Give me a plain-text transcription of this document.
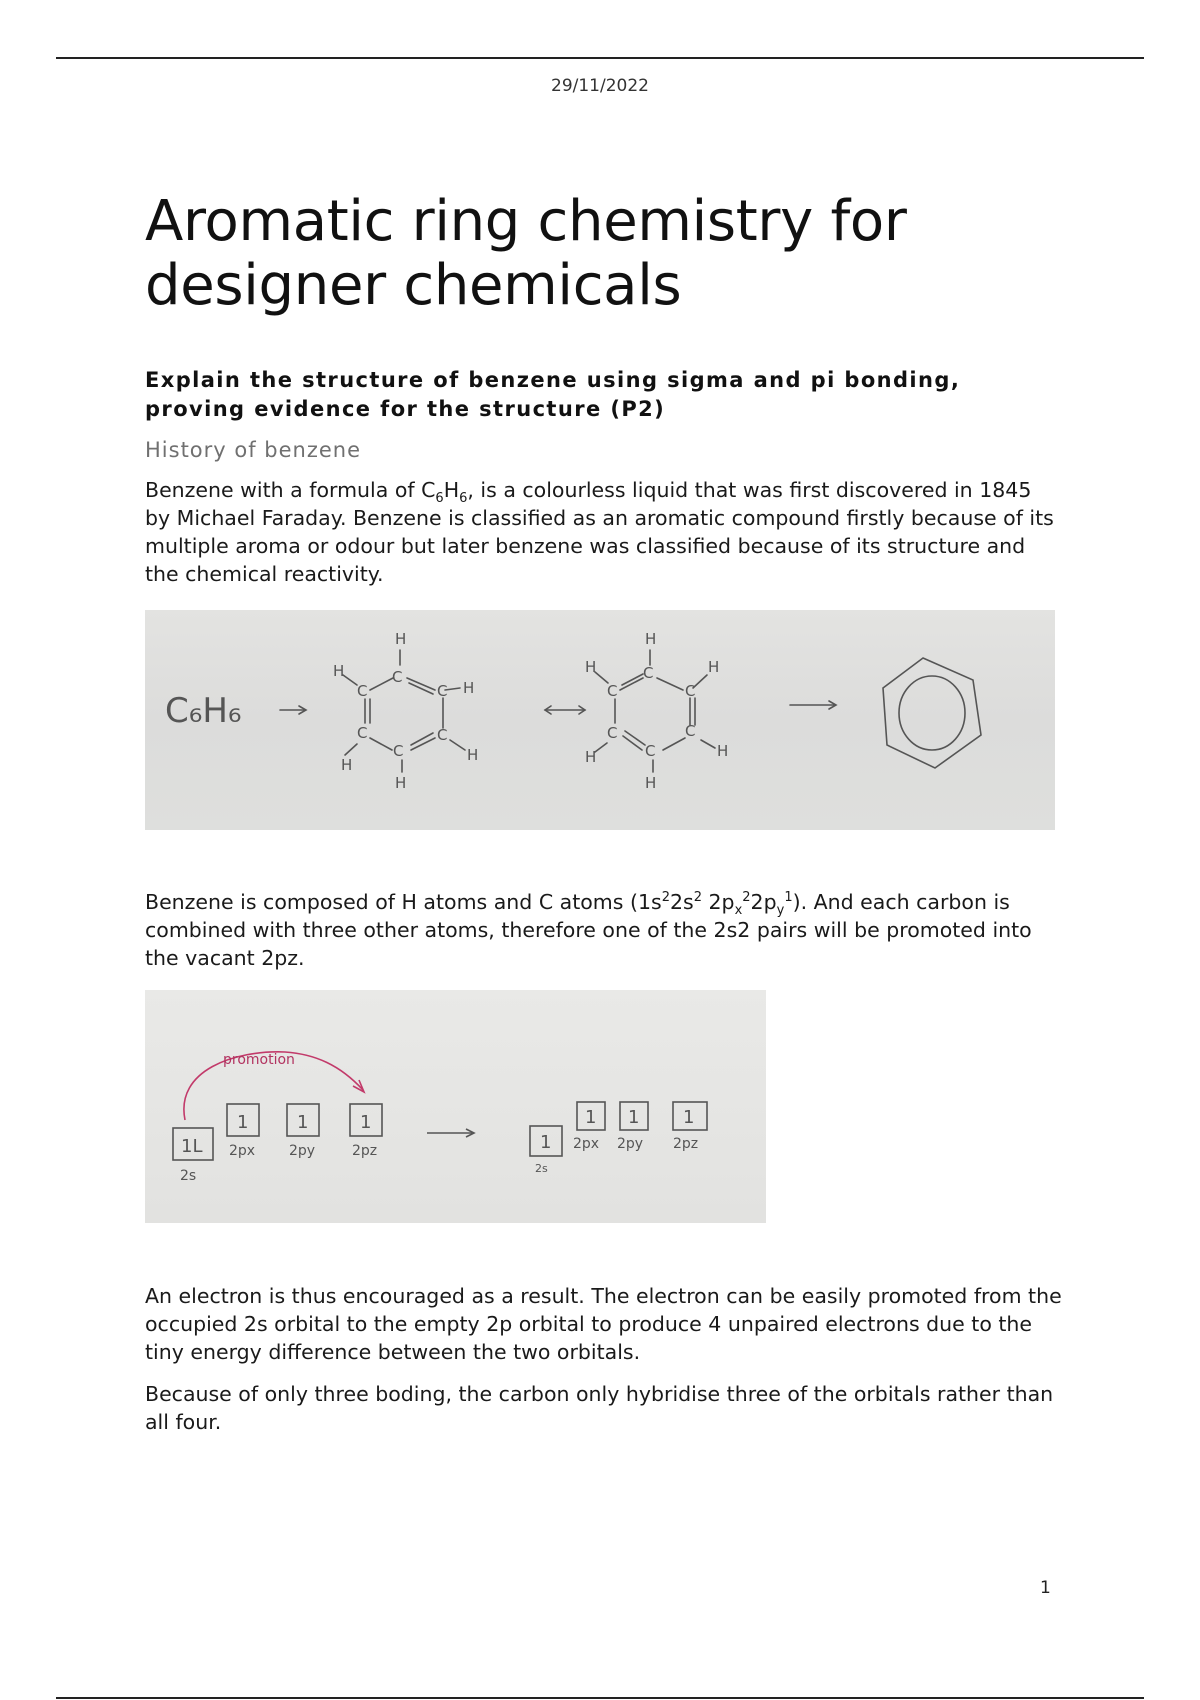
29/11/2022
Aromatic ring chemistry for
designer chemicals
Explain the structure of benzene using sigma and pi bonding,
proving evidence for the structure (P2)
History of benzene

Benzene with a formula of $C_6H_6$, is a colourless liquid that was first discovered in 1845 by Michael Faraday. Benzene is classified as an aromatic compound firstly because of its multiple aroma or odour but later benzene was classified because of its structure and the chemical reactivity.

C₆H₆
H
H
C
C
C H
C	C
C
H
H
H
H
H
C
C
C
H
C	C
C
H	H
H

Benzene is composed of H atoms and C atoms ($1s^22s^2$ $2p_x^22p_y^1$). And each carbon is combined with three other atoms, therefore one of the 2s2 pairs will be promoted into the vacant 2pz.

promotion
1L
1	1	1
1
1 1 1
2s
2px 2py	2pz
2s
2px 2py 2pz

An electron is thus encouraged as a result. The electron can be easily promoted from the occupied 2s orbital to the empty 2p orbital to produce 4 unpaired electrons due to the tiny energy difference between the two orbitals.

Because of only three boding, the carbon only hybridise three of the orbitals rather than all four.

1
